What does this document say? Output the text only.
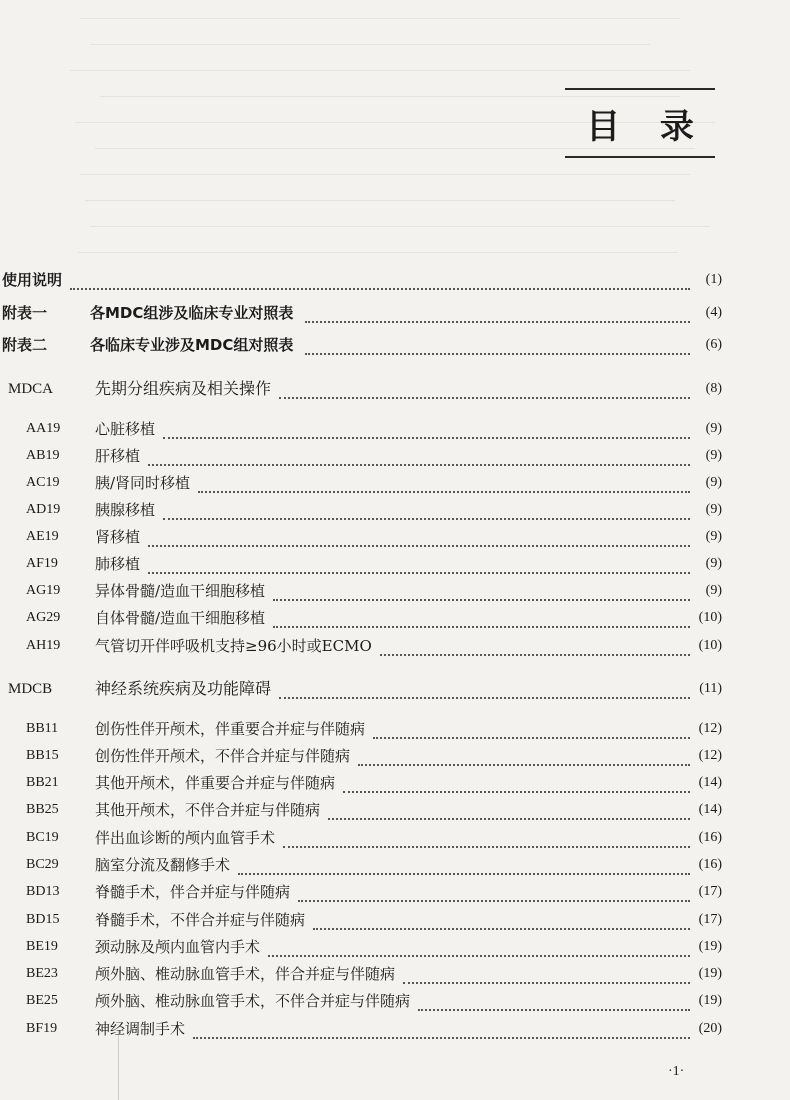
目 录
使用说明	(1)
附表一	各MDC组涉及临床专业对照表	(4)
附表二	各临床专业涉及MDC组对照表	(6)
MDCA	先期分组疾病及相关操作	(8)
AA19 心脏移植	(9)
AB19 肝移植	(9)
AC19 胰/肾同时移植	(9)
AD19 胰腺移植	(9)
AE19 肾移植	(9)
AF19 肺移植	(9)
AG19 异体骨髓/造血干细胞移植	(9)
AG29 自体骨髓/造血干细胞移植	(10)
AH19 气管切开伴呼吸机支持≥96小时或ECMO	(10)
MDCB	神经系统疾病及功能障碍	(11)
BB11 创伤性伴开颅术，伴重要合并症与伴随病	(12)
BB15 创伤性伴开颅术，不伴合并症与伴随病	(12)
BB21 其他开颅术，伴重要合并症与伴随病	(14)
BB25 其他开颅术，不伴合并症与伴随病	(14)
BC19 伴出血诊断的颅内血管手术	(16)
BC29 脑室分流及翻修手术	(16)
BD13 脊髓手术，伴合并症与伴随病	(17)
BD15 脊髓手术，不伴合并症与伴随病	(17)
BE19 颈动脉及颅内血管内手术	(19)
BE23 颅外脑、椎动脉血管手术，伴合并症与伴随病	(19)
BE25 颅外脑、椎动脉血管手术，不伴合并症与伴随病	(19)
BF19	神经调制手术	(20)
·1·
